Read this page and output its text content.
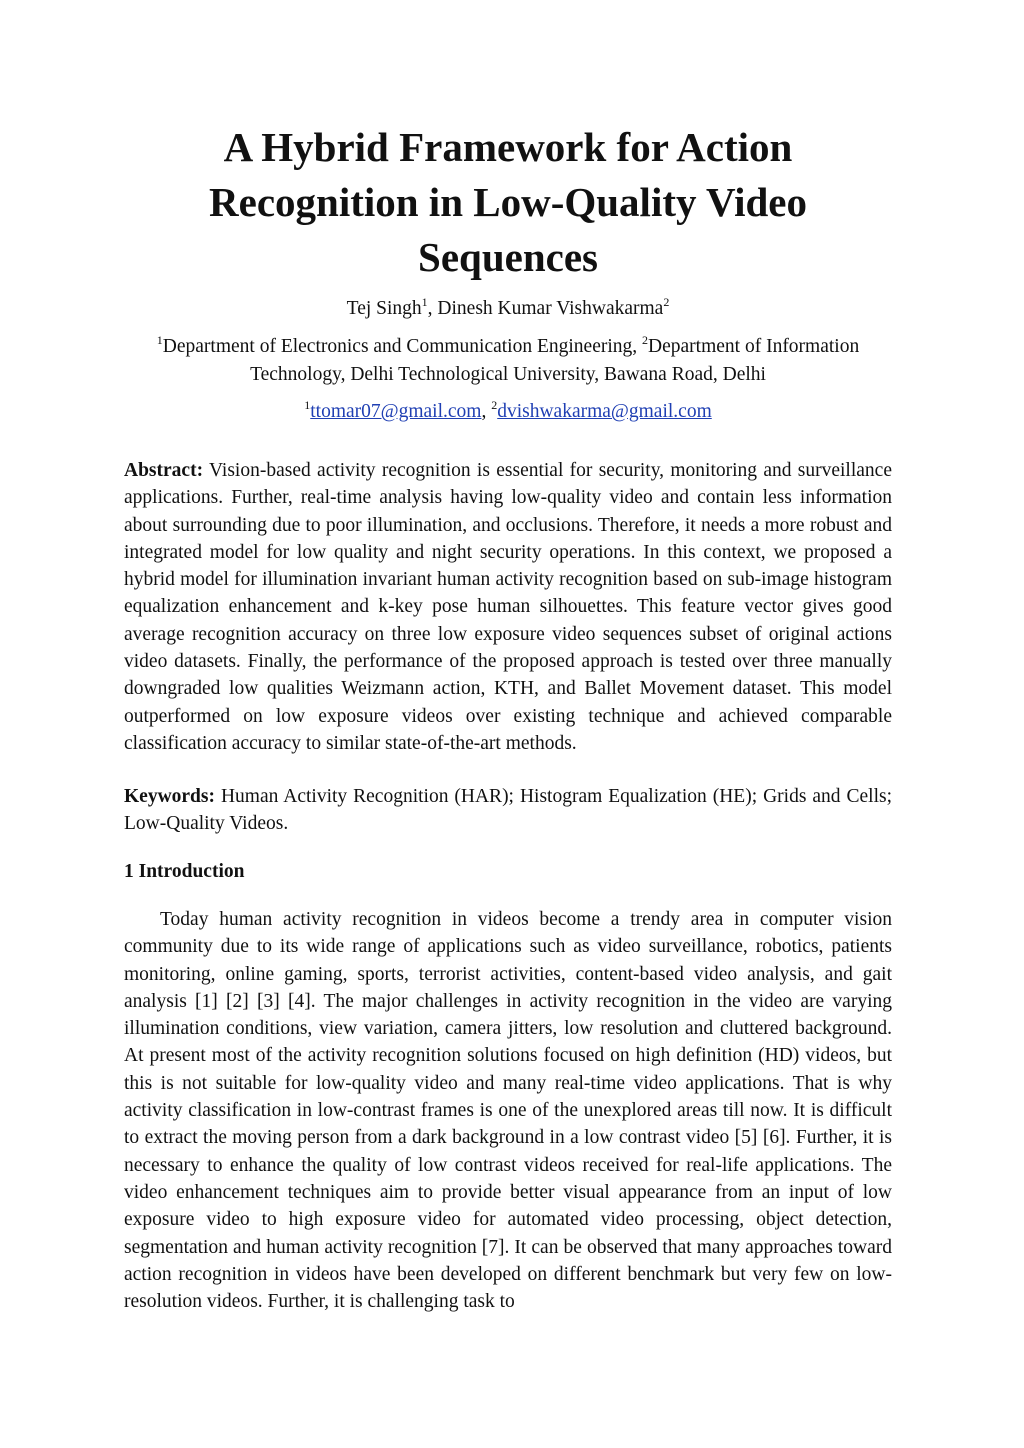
A Hybrid Framework for Action Recognition in Low-Quality Video Sequences
Tej Singh$^1$, Dinesh Kumar Vishwakarma$^2$
$^1$Department of Electronics and Communication Engineering, $^2$Department of Information Technology, Delhi Technological University, Bawana Road, Delhi
$^1$ttomar07@gmail.com, $^2$dvishwakarma@gmail.com

Abstract: Vision-based activity recognition is essential for security, monitoring and surveillance applications. Further, real-time analysis having low-quality video and contain less information about surrounding due to poor illumination, and occlusions. Therefore, it needs a more robust and integrated model for low quality and night security operations. In this context, we proposed a hybrid model for illumination invariant human activity recognition based on sub-image histogram equalization enhancement and k-key pose human silhouettes. This feature vector gives good average recognition accuracy on three low exposure video sequences subset of original actions video datasets. Finally, the performance of the proposed approach is tested over three manually downgraded low qualities Weizmann action, KTH, and Ballet Movement dataset. This model outperformed on low exposure videos over existing technique and achieved comparable classification accuracy to similar state-of-the-art methods.

Keywords: Human Activity Recognition (HAR); Histogram Equalization (HE); Grids and Cells; Low-Quality Videos.

1 Introduction

Today human activity recognition in videos become a trendy area in computer vision community due to its wide range of applications such as video surveillance, robotics, patients monitoring, online gaming, sports, terrorist activities, content-based video analysis, and gait analysis [1] [2] [3] [4]. The major challenges in activity recognition in the video are varying illumination conditions, view variation, camera jitters, low resolution and cluttered background. At present most of the activity recognition solutions focused on high definition (HD) videos, but this is not suitable for low-quality video and many real-time video applications. That is why activity classification in low-contrast frames is one of the unexplored areas till now. It is difficult to extract the moving person from a dark background in a low contrast video [5] [6]. Further, it is necessary to enhance the quality of low contrast videos received for real-life applications. The video enhancement techniques aim to provide better visual appearance from an input of low exposure video to high exposure video for automated video processing, object detection, segmentation and human activity recognition [7]. It can be observed that many approaches toward action recognition in videos have been developed on different benchmark but very few on low-resolution videos. Further, it is challenging task to
